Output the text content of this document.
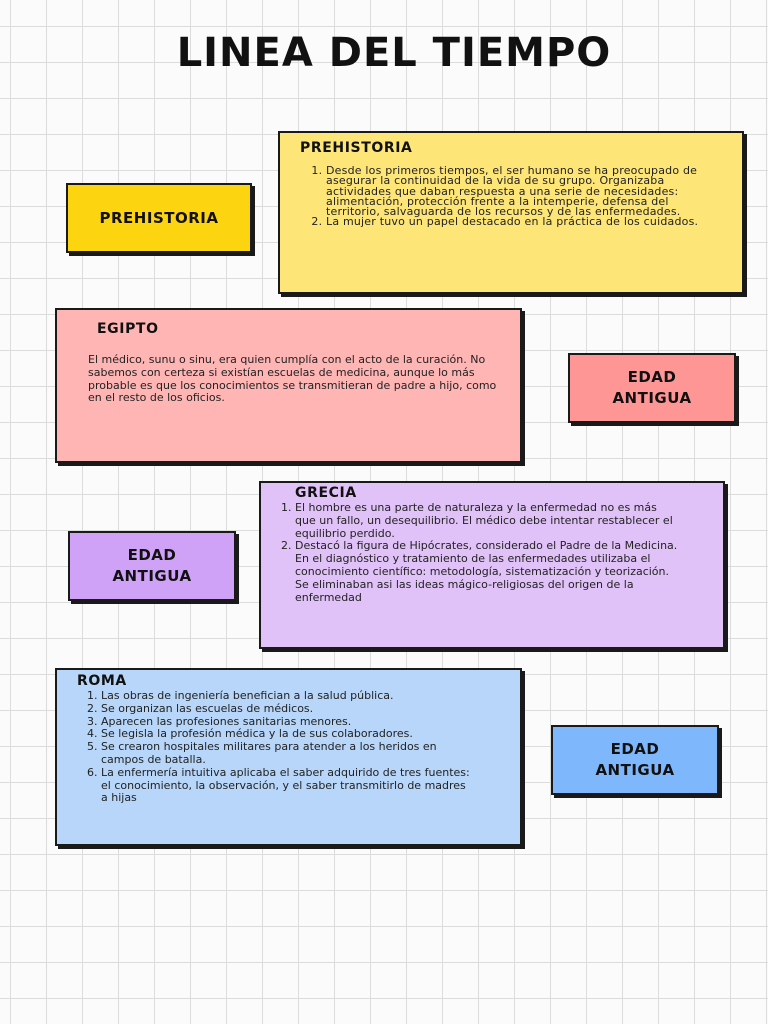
LINEA DEL TIEMPO
PREHISTORIA
1. Desde los primeros tiempos, el ser humano se ha preocupado de asegurar la continuidad de la vida de su grupo. Organizaba actividades que daban respuesta a una serie de necesidades: alimentación, protección frente a la intemperie, defensa del territorio, salvaguarda de los recursos y de las enfermedades.
2. La mujer tuvo un papel destacado en la práctica de los cuidados.
PREHISTORIA
EGIPTO

El médico, sunu o sinu, era quien cumplía con el acto de la curación. No sabemos con certeza si existían escuelas de medicina, aunque lo más probable es que los conocimientos se transmitieran de padre a hijo, como en el resto de los oficios.

EDAD
ANTIGUA
GRECIA
1. El hombre es una parte de naturaleza y la enfermedad no es más que un fallo, un desequilibrio. El médico debe intentar restablecer el equilibrio perdido.
2. Destacó la figura de Hipócrates, considerado el Padre de la Medicina. En el diagnóstico y tratamiento de las enfermedades utilizaba el conocimiento científico: metodología, sistematización y teorización. Se eliminaban asi las ideas mágico-religiosas del origen de la enfermedad
EDAD
ANTIGUA
ROMA
1. Las obras de ingeniería benefician a la salud pública.
2. Se organizan las escuelas de médicos.
3. Aparecen las profesiones sanitarias menores.
4. Se legisla la profesión médica y la de sus colaboradores.
5. Se crearon hospitales militares para atender a los heridos en campos de batalla.
6. La enfermería intuitiva aplicaba el saber adquirido de tres fuentes: el conocimiento, la observación, y el saber transmitirlo de madres a hijas
EDAD
ANTIGUA
